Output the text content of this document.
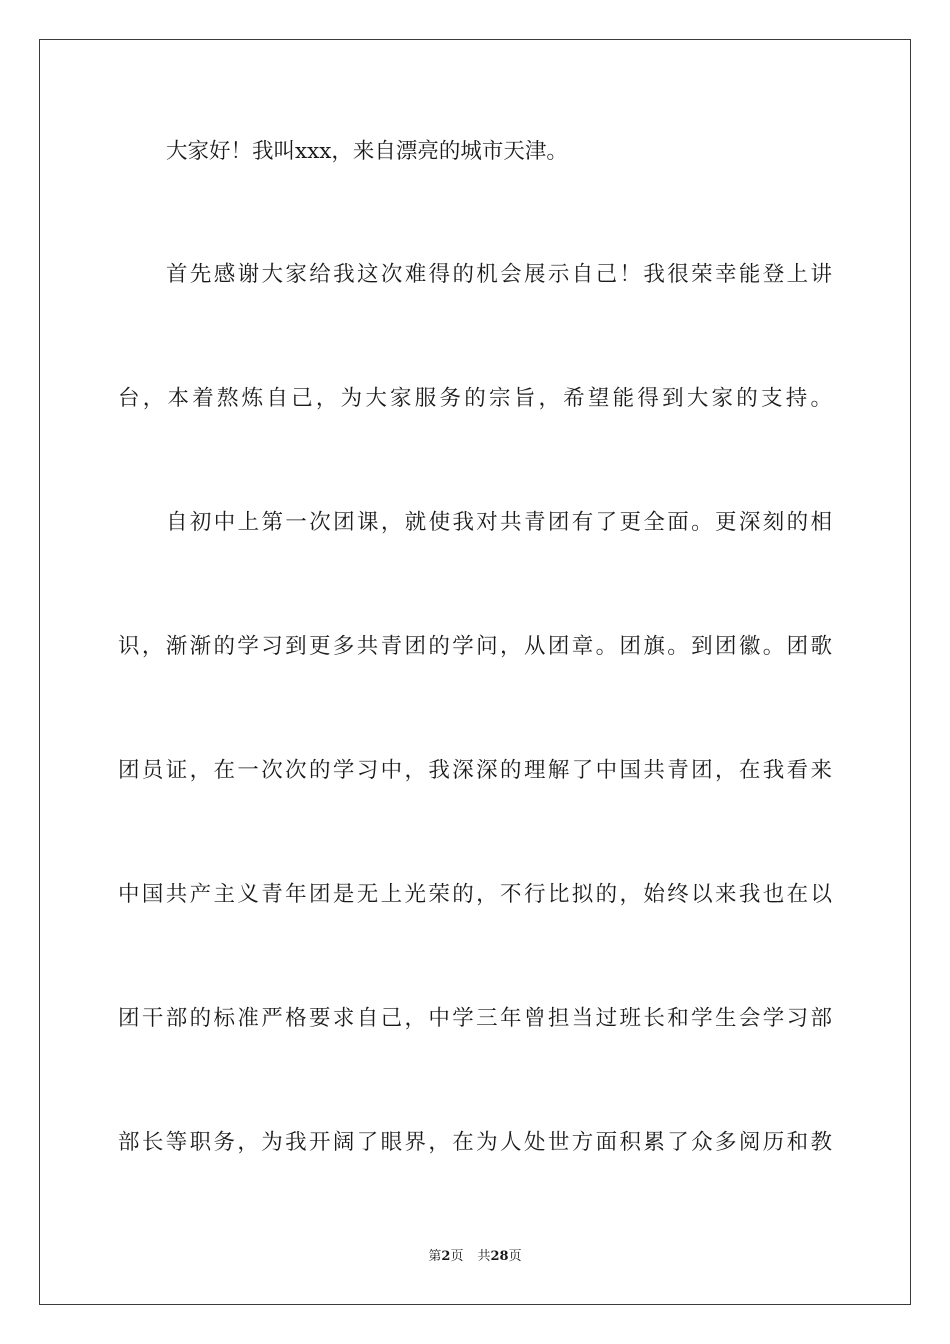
大家好！我叫xxx，来自漂亮的城市天津。
首先感谢大家给我这次难得的机会展示自己！我很荣幸能登上讲
台，本着熬炼自己，为大家服务的宗旨，希望能得到大家的支持。
自初中上第一次团课，就使我对共青团有了更全面。更深刻的相
识，渐渐的学习到更多共青团的学问，从团章。团旗。到团徽。团歌
团员证，在一次次的学习中，我深深的理解了中国共青团，在我看来
中国共产主义青年团是无上光荣的，不行比拟的，始终以来我也在以
团干部的标准严格要求自己，中学三年曾担当过班长和学生会学习部
部长等职务，为我开阔了眼界，在为人处世方面积累了众多阅历和教
第2页 共28页
